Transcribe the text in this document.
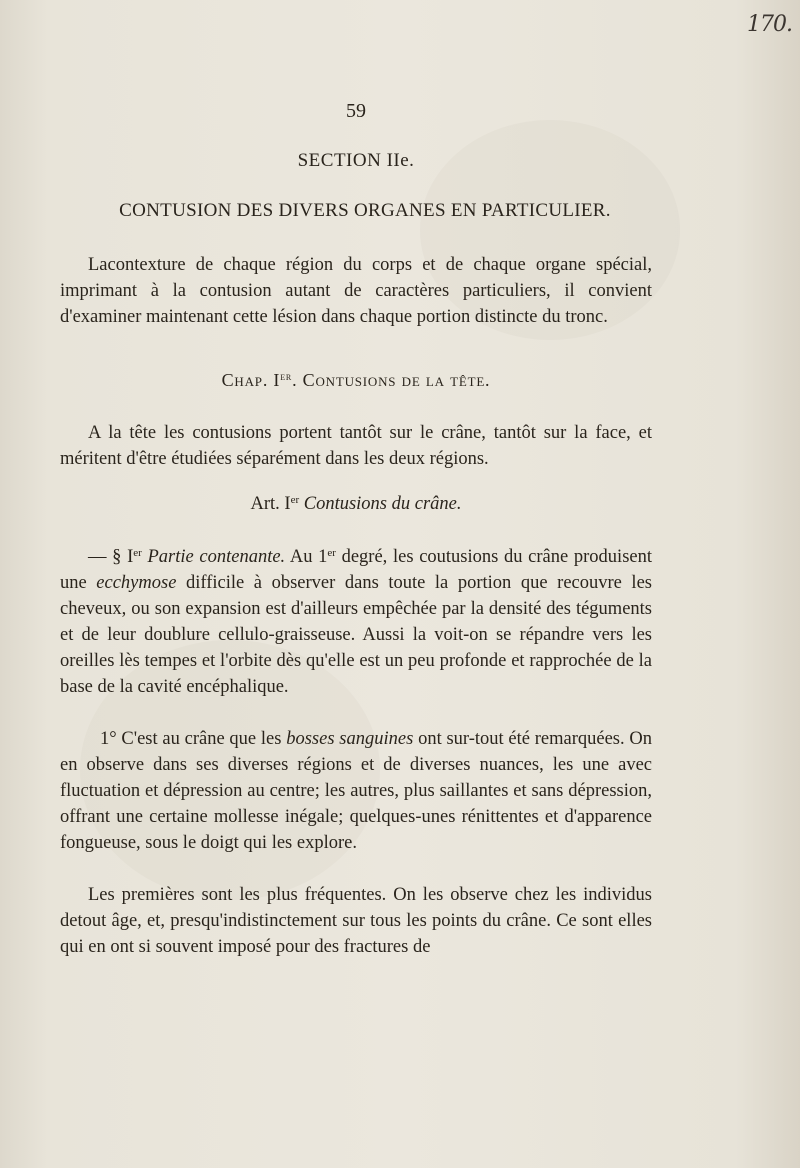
170.
59
SECTION IIe.
CONTUSION DES DIVERS ORGANES EN PARTICULIER.

Lacontexture de chaque région du corps et de chaque organe spécial, imprimant à la contusion autant de caractères particuliers, il convient d'examiner maintenant cette lésion dans chaque portion distincte du tronc.

Chap. Ier. Contusions de la tête.

A la tête les contusions portent tantôt sur le crâne, tantôt sur la face, et méritent d'être étudiées séparément dans les deux régions.

Art. Ier Contusions du crâne.

— § Ier Partie contenante. Au 1er degré, les coutusions du crâne produisent une ecchymose difficile à observer dans toute la portion que recouvre les cheveux, ou son expansion est d'ailleurs empêchée par la densité des téguments et de leur doublure cellulo-graisseuse. Aussi la voit-on se répandre vers les oreilles lès tempes et l'orbite dès qu'elle est un peu profonde et rapprochée de la base de la cavité encéphalique.

1° C'est au crâne que les bosses sanguines ont sur-tout été remarquées. On en observe dans ses diverses régions et de diverses nuances, les une avec fluctuation et dépression au centre; les autres, plus saillantes et sans dépression, offrant une certaine mollesse inégale; quelques-unes rénittentes et d'apparence fongueuse, sous le doigt qui les explore.

Les premières sont les plus fréquentes. On les observe chez les individus detout âge, et, presqu'indistinctement sur tous les points du crâne. Ce sont elles qui en ont si souvent imposé pour des fractures de
